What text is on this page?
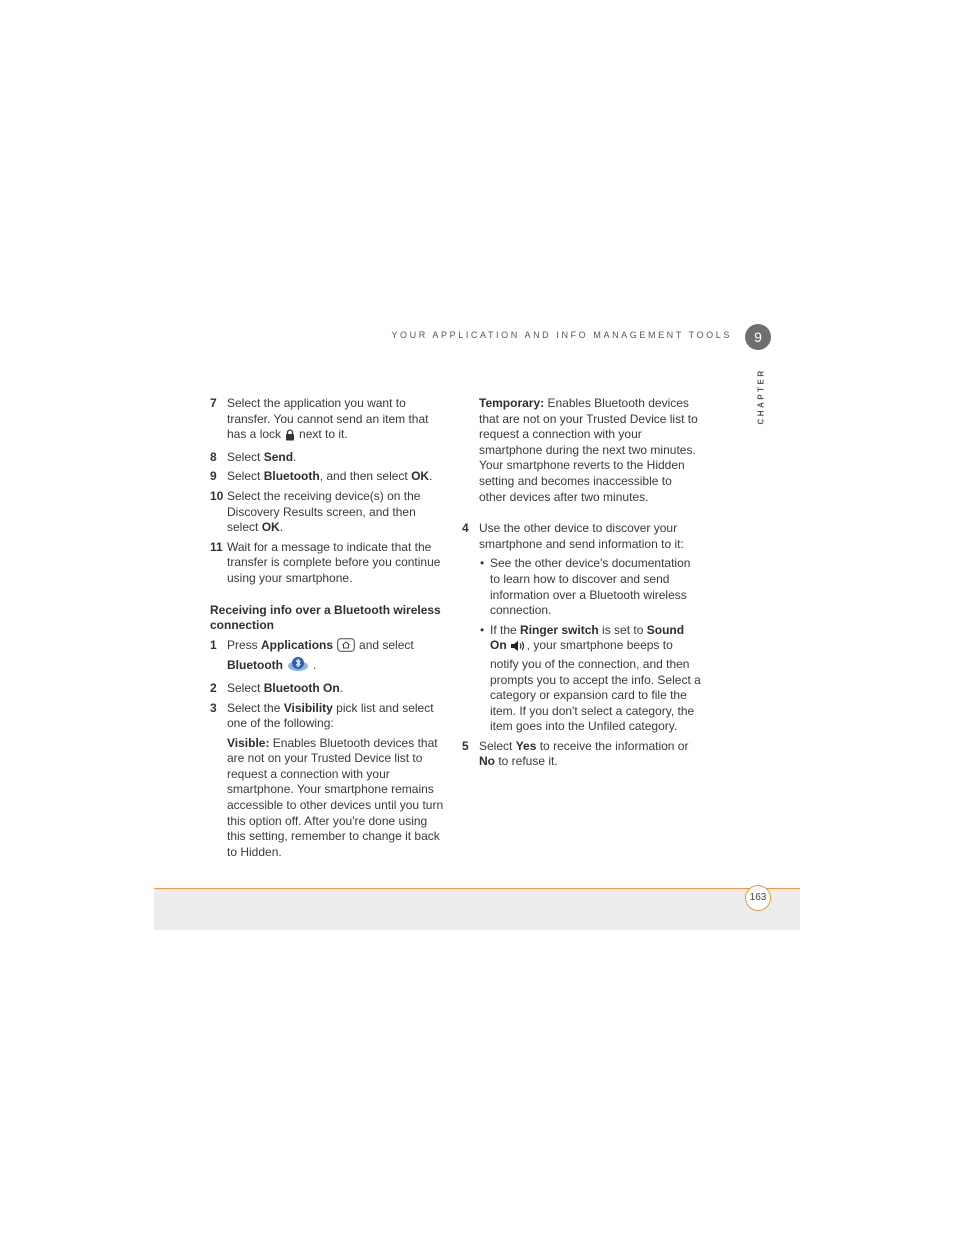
YOUR APPLICATION AND INFO MANAGEMENT TOOLS	9
CHAPTER
7 Select the application you want to transfer. You cannot send an item that has a lock next to it.
8 Select Send.
9 Select Bluetooth, and then select OK.
10 Select the receiving device(s) on the Discovery Results screen, and then select OK.
11 Wait for a message to indicate that the transfer is complete before you continue using your smartphone.
Receiving info over a Bluetooth wireless connection
1 Press Applications and select
Bluetooth	.
2 Select Bluetooth On.
3 Select the Visibility pick list and select one of the following:
Visible: Enables Bluetooth devices that are not on your Trusted Device list to request a connection with your smartphone. Your smartphone remains accessible to other devices until you turn this option off. After you're done using this setting, remember to change it back to Hidden.
Temporary: Enables Bluetooth devices that are not on your Trusted Device list to request a connection with your smartphone during the next two minutes. Your smartphone reverts to the Hidden setting and becomes inaccessible to other devices after two minutes.
4 Use the other device to discover your smartphone and send information to it:
• See the other device's documentation to learn how to discover and send information over a Bluetooth wireless connection.
• If the Ringer switch is set to Sound On , your smartphone beeps to notify you of the connection, and then prompts you to accept the info. Select a category or expansion card to file the item. If you don't select a category, the item goes into the Unfiled category.
5 Select Yes to receive the information or No to refuse it.
163
